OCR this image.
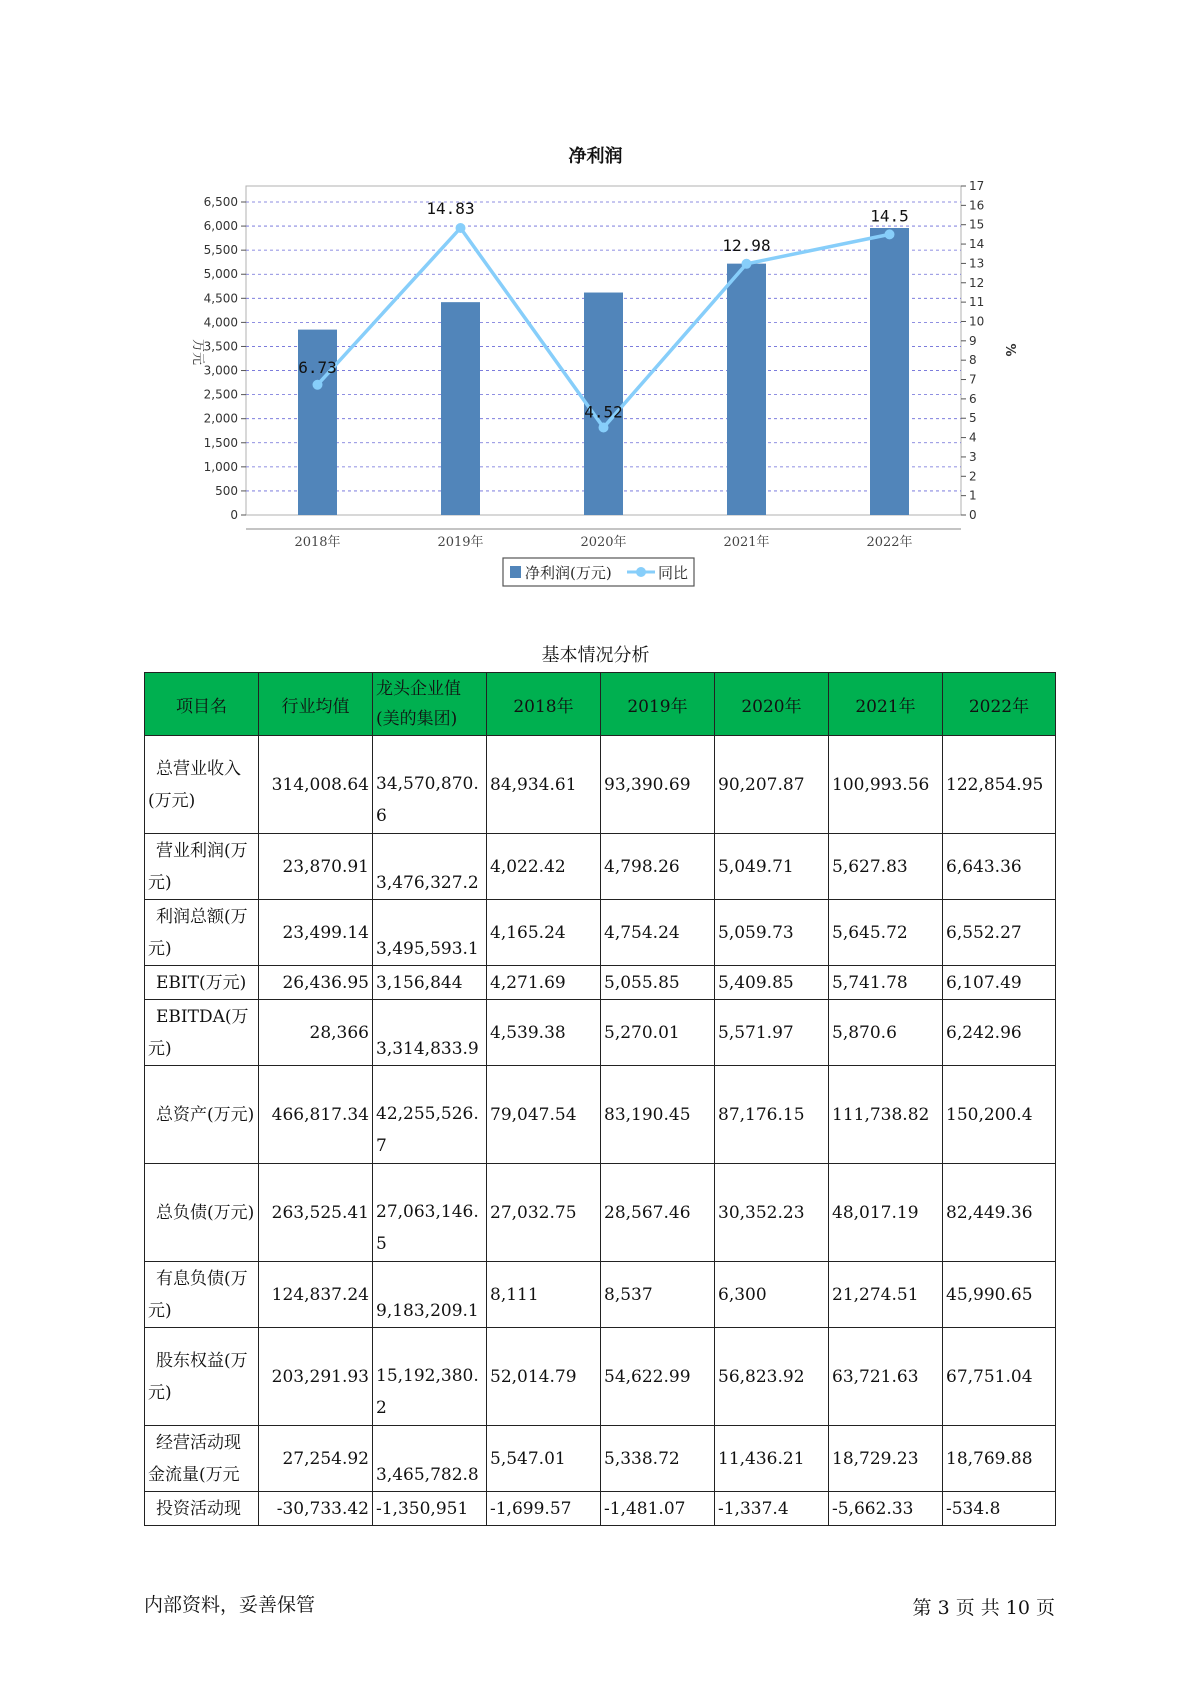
0
500
1,000
1,500
2,000
2,500
3,000
3,500
4,000
4,500
5,000
5,500
6,000
6,500
0
1
2
3
4
5
6
7
8
9
10
11
12
13
14
15
16
17
万元	%
2018年	2019年	2020年	2021年	2022年
6.73
14.83
4.52
12.98
14.5
净利润(万元)	同比
净利润
基本情况分析
项目名	行业均值	龙头企业值(美的集团)	2018年	2019年	2020年	2021年	2022年
总营业收入(万元)	314,008.64	34,570,870.6	84,934.61	93,390.69	90,207.87	100,993.56	122,854.95
营业利润(万元)	23,870.91	3,476,327.2	4,022.42	4,798.26	5,049.71	5,627.83	6,643.36
利润总额(万元)	23,499.14	3,495,593.1	4,165.24	4,754.24	5,059.73	5,645.72	6,552.27
EBIT(万元)	26,436.95	3,156,844	4,271.69	5,055.85	5,409.85	5,741.78	6,107.49
EBITDA(万元)	28,366	3,314,833.9	4,539.38	5,270.01	5,571.97	5,870.6	6,242.96
总资产(万元)	466,817.34	42,255,526.7	79,047.54	83,190.45	87,176.15	111,738.82	150,200.4
总负债(万元)	263,525.41	27,063,146.5	27,032.75	28,567.46	30,352.23	48,017.19	82,449.36
有息负债(万元)	124,837.24	9,183,209.1	8,111	8,537	6,300	21,274.51	45,990.65
股东权益(万元)	203,291.93	15,192,380.2	52,014.79	54,622.99	56,823.92	63,721.63	67,751.04
经营活动现金流量(万元	27,254.92	3,465,782.8	5,547.01	5,338.72	11,436.21	18,729.23	18,769.88
投资活动现	-30,733.42	-1,350,951	-1,699.57	-1,481.07	-1,337.4	-5,662.33	-534.8
内部资料，妥善保管	第 3 页 共 10 页
